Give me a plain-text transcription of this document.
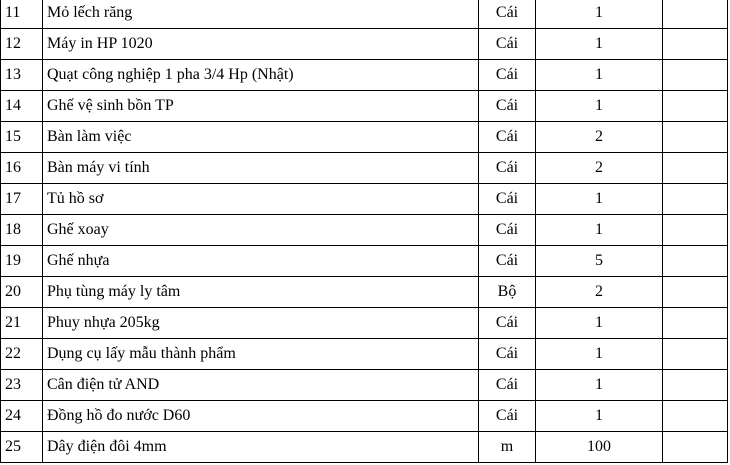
11	Mỏ lếch răng	Cái	1	
12	Máy in HP 1020	Cái	1	
13	Quạt công nghiệp 1 pha 3/4 Hp (Nhật)	Cái	1	
14	Ghế vệ sinh bồn TP	Cái	1	
15	Bàn làm việc	Cái	2	
16	Bàn máy vi tính	Cái	2	
17	Tủ hồ sơ	Cái	1	
18	Ghế xoay	Cái	1	
19	Ghế nhựa	Cái	5	
20	Phụ tùng máy ly tâm	Bộ	2	
21	Phuy nhựa 205kg	Cái	1	
22	Dụng cụ lấy mẫu thành phẩm	Cái	1	
23	Cân điện tử AND	Cái	1	
24	Đồng hồ đo nước D60	Cái	1	
25	Dây điện đôi 4mm	m	100	
